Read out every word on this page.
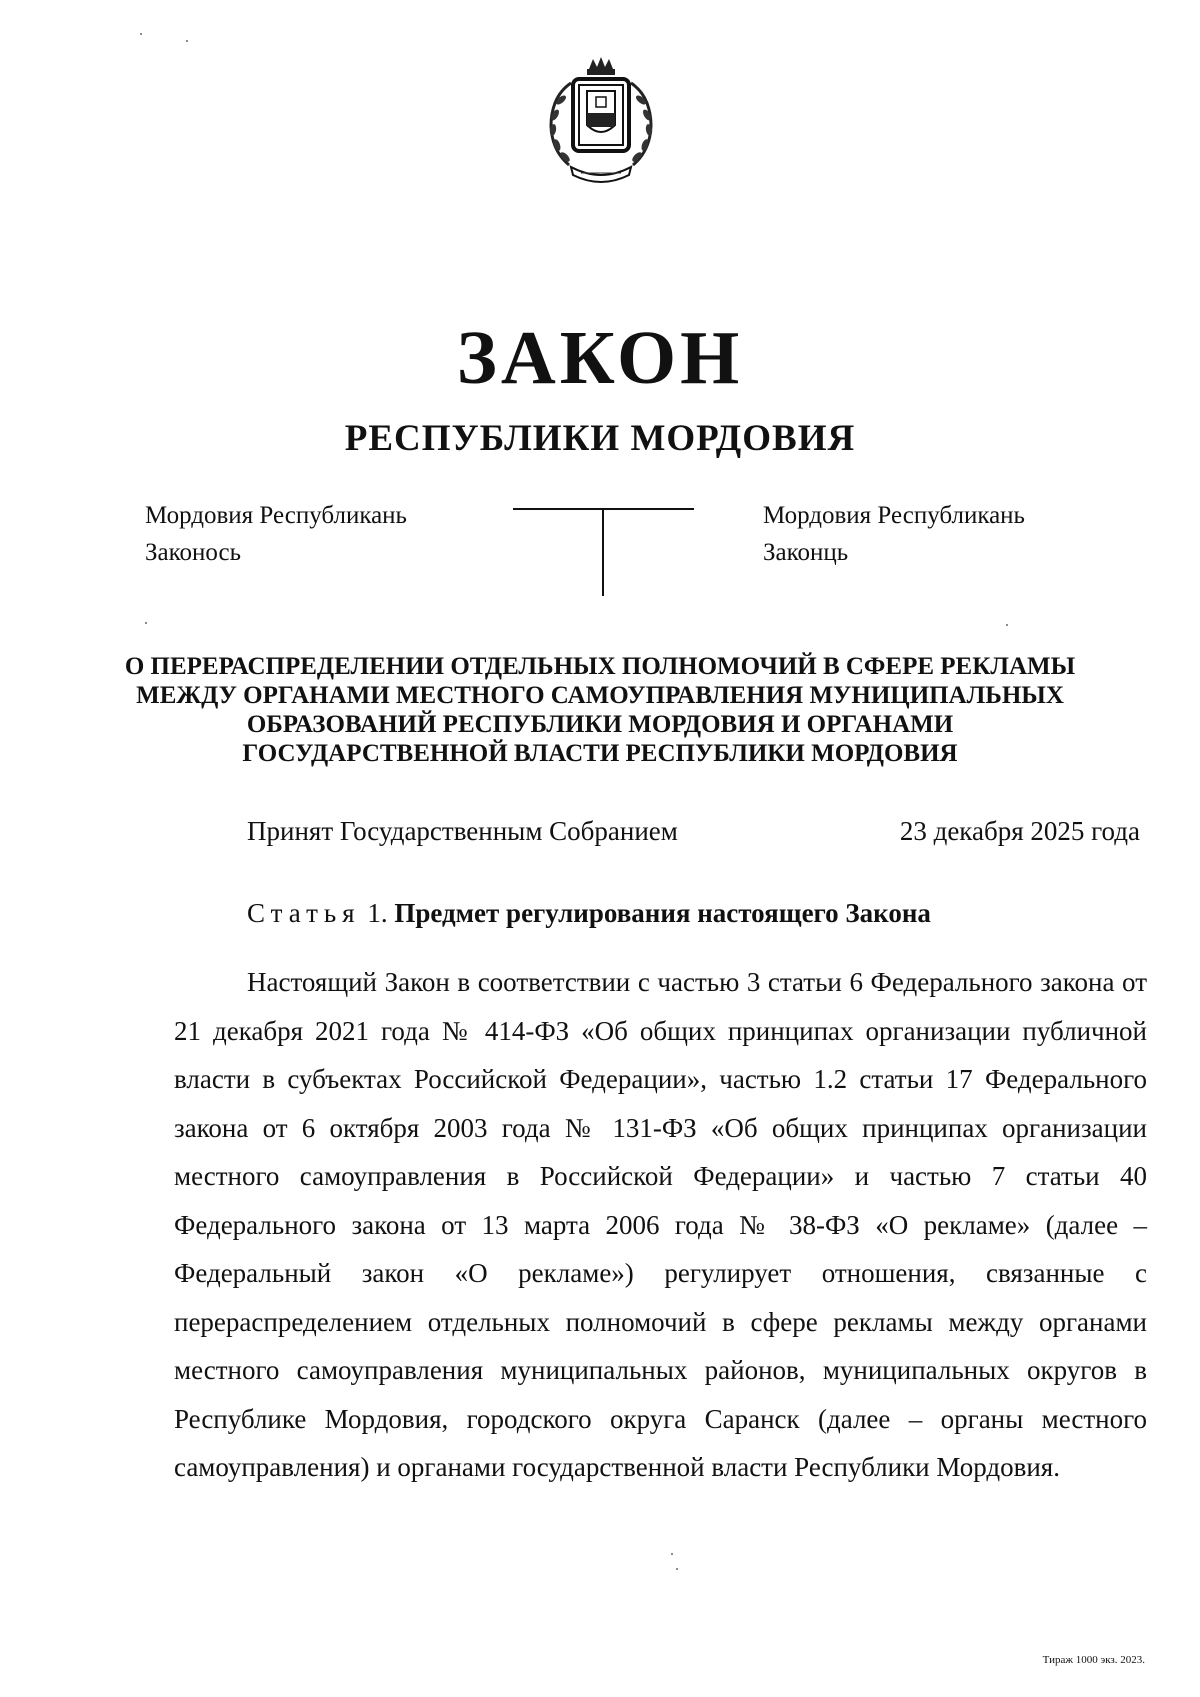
ЗАКОН
РЕСПУБЛИКИ МОРДОВИЯ
Мордовия Республикань
Законось
Мордовия Республикань
Законць
О ПЕРЕРАСПРЕДЕЛЕНИИ ОТДЕЛЬНЫХ ПОЛНОМОЧИЙ В СФЕРЕ РЕКЛАМЫ
МЕЖДУ ОРГАНАМИ МЕСТНОГО САМОУПРАВЛЕНИЯ МУНИЦИПАЛЬНЫХ
ОБРАЗОВАНИЙ РЕСПУБЛИКИ МОРДОВИЯ И ОРГАНАМИ
ГОСУДАРСТВЕННОЙ ВЛАСТИ РЕСПУБЛИКИ МОРДОВИЯ
Принят Государственным Собранием	23 декабря 2025 года
Статья 1. Предмет регулирования настоящего Закона

Настоящий Закон в соответствии с частью 3 статьи 6 Федерального закона от 21 декабря 2021 года № 414-ФЗ «Об общих принципах организации публичной власти в субъектах Российской Федерации», частью 1.2 статьи 17 Федерального закона от 6 октября 2003 года № 131-ФЗ «Об общих принципах организации местного самоуправления в Российской Федерации» и частью 7 статьи 40 Федерального закона от 13 марта 2006 года № 38-ФЗ «О рекламе» (далее – Федеральный закон «О рекламе») регулирует отношения, связанные с перераспределением отдельных полномочий в сфере рекламы между органами местного самоуправления муниципальных районов, муниципальных округов в Республике Мордовия, городского округа Саранск (далее – органы местного самоуправления) и органами государственной власти Республики Мордовия.

Тираж 1000 экз. 2023.
